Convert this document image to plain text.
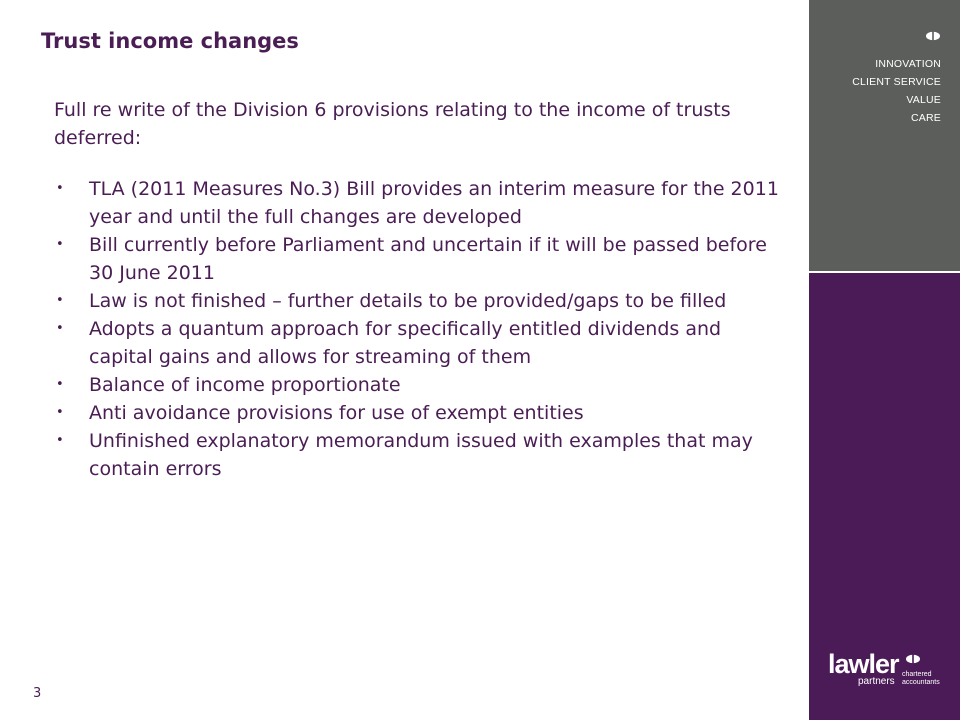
Trust income changes

Full re write of the Division 6 provisions relating to the income of trusts deferred:

• TLA (2011 Measures No.3) Bill provides an interim measure for the 2011 year and until the full changes are developed
• Bill currently before Parliament and uncertain if it will be passed before 30 June 2011
• Law is not finished – further details to be provided/gaps to be filled
• Adopts a quantum approach for specifically entitled dividends and capital gains and allows for streaming of them
• Balance of income proportionate
• Anti avoidance provisions for use of exempt entities
• Unfinished explanatory memorandum issued with examples that may contain errors
3
INNOVATION
CLIENT SERVICE
VALUE
CARE
lawler
partners
chartered
accountants
